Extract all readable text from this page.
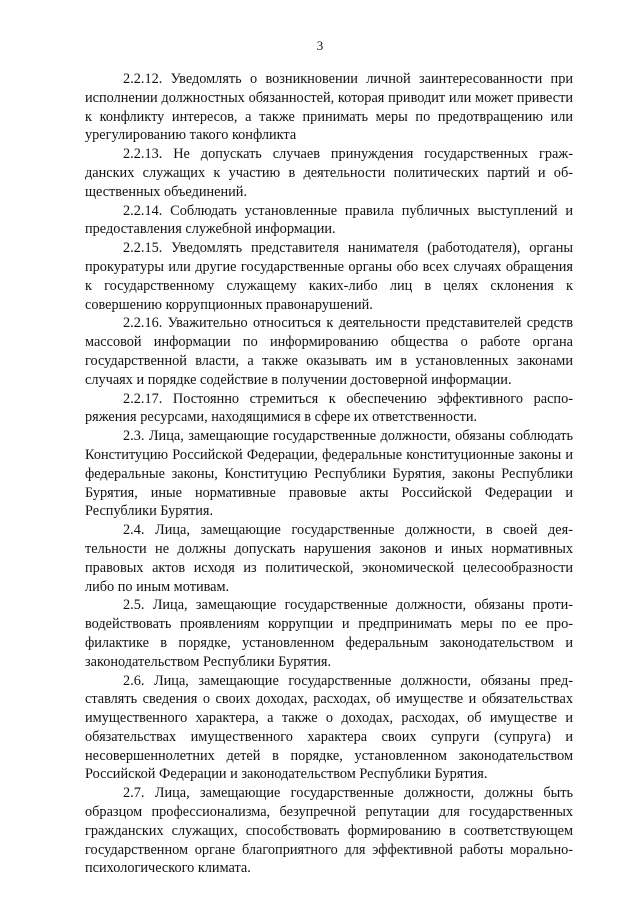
3

2.2.12. Уведомлять о возникновении личной заинтересованности при исполнении должностных обязанностей, которая приводит или может привести к конфликту интересов, а также принимать меры по предотвращению или урегулированию такого конфликта

2.2.13. Не допускать случаев принуждения государственных гражданских служащих к участию в деятельности политических партий и общественных объединений.

2.2.14. Соблюдать установленные правила публичных выступлений и предоставления служебной информации.

2.2.15. Уведомлять представителя нанимателя (работодателя), органы прокуратуры или другие государственные органы обо всех случаях обращения к государственному служащему каких-либо лиц в целях склонения к совершению коррупционных правонарушений.

2.2.16. Уважительно относиться к деятельности представителей средств массовой информации по информированию общества о работе органа государственной власти, а также оказывать им в установленных законами случаях и порядке содействие в получении достоверной информации.

2.2.17. Постоянно стремиться к обеспечению эффективного распоряжения ресурсами, находящимися в сфере их ответственности.

2.3. Лица, замещающие государственные должности, обязаны соблюдать Конституцию Российской Федерации, федеральные конституционные законы и федеральные законы, Конституцию Республики Бурятия, законы Республики Бурятия, иные нормативные правовые акты Российской Федерации и Республики Бурятия.

2.4. Лица, замещающие государственные должности, в своей деятельности не должны допускать нарушения законов и иных нормативных правовых актов исходя из политической, экономической целесообразности либо по иным мотивам.

2.5. Лица, замещающие государственные должности, обязаны противодействовать проявлениям коррупции и предпринимать меры по ее профилактике в порядке, установленном федеральным законодательством и законодательством Республики Бурятия.

2.6. Лица, замещающие государственные должности, обязаны представлять сведения о своих доходах, расходах, об имуществе и обязательствах имущественного характера, а также о доходах, расходах, об имуществе и обязательствах имущественного характера своих супруги (супруга) и несовершеннолетних детей в порядке, установленном законодательством Российской Федерации и законодательством Республики Бурятия.

2.7. Лица, замещающие государственные должности, должны быть образцом профессионализма, безупречной репутации для государственных гражданских служащих, способствовать формированию в соответствующем государственном органе благоприятного для эффективной работы морально-психологического климата.
